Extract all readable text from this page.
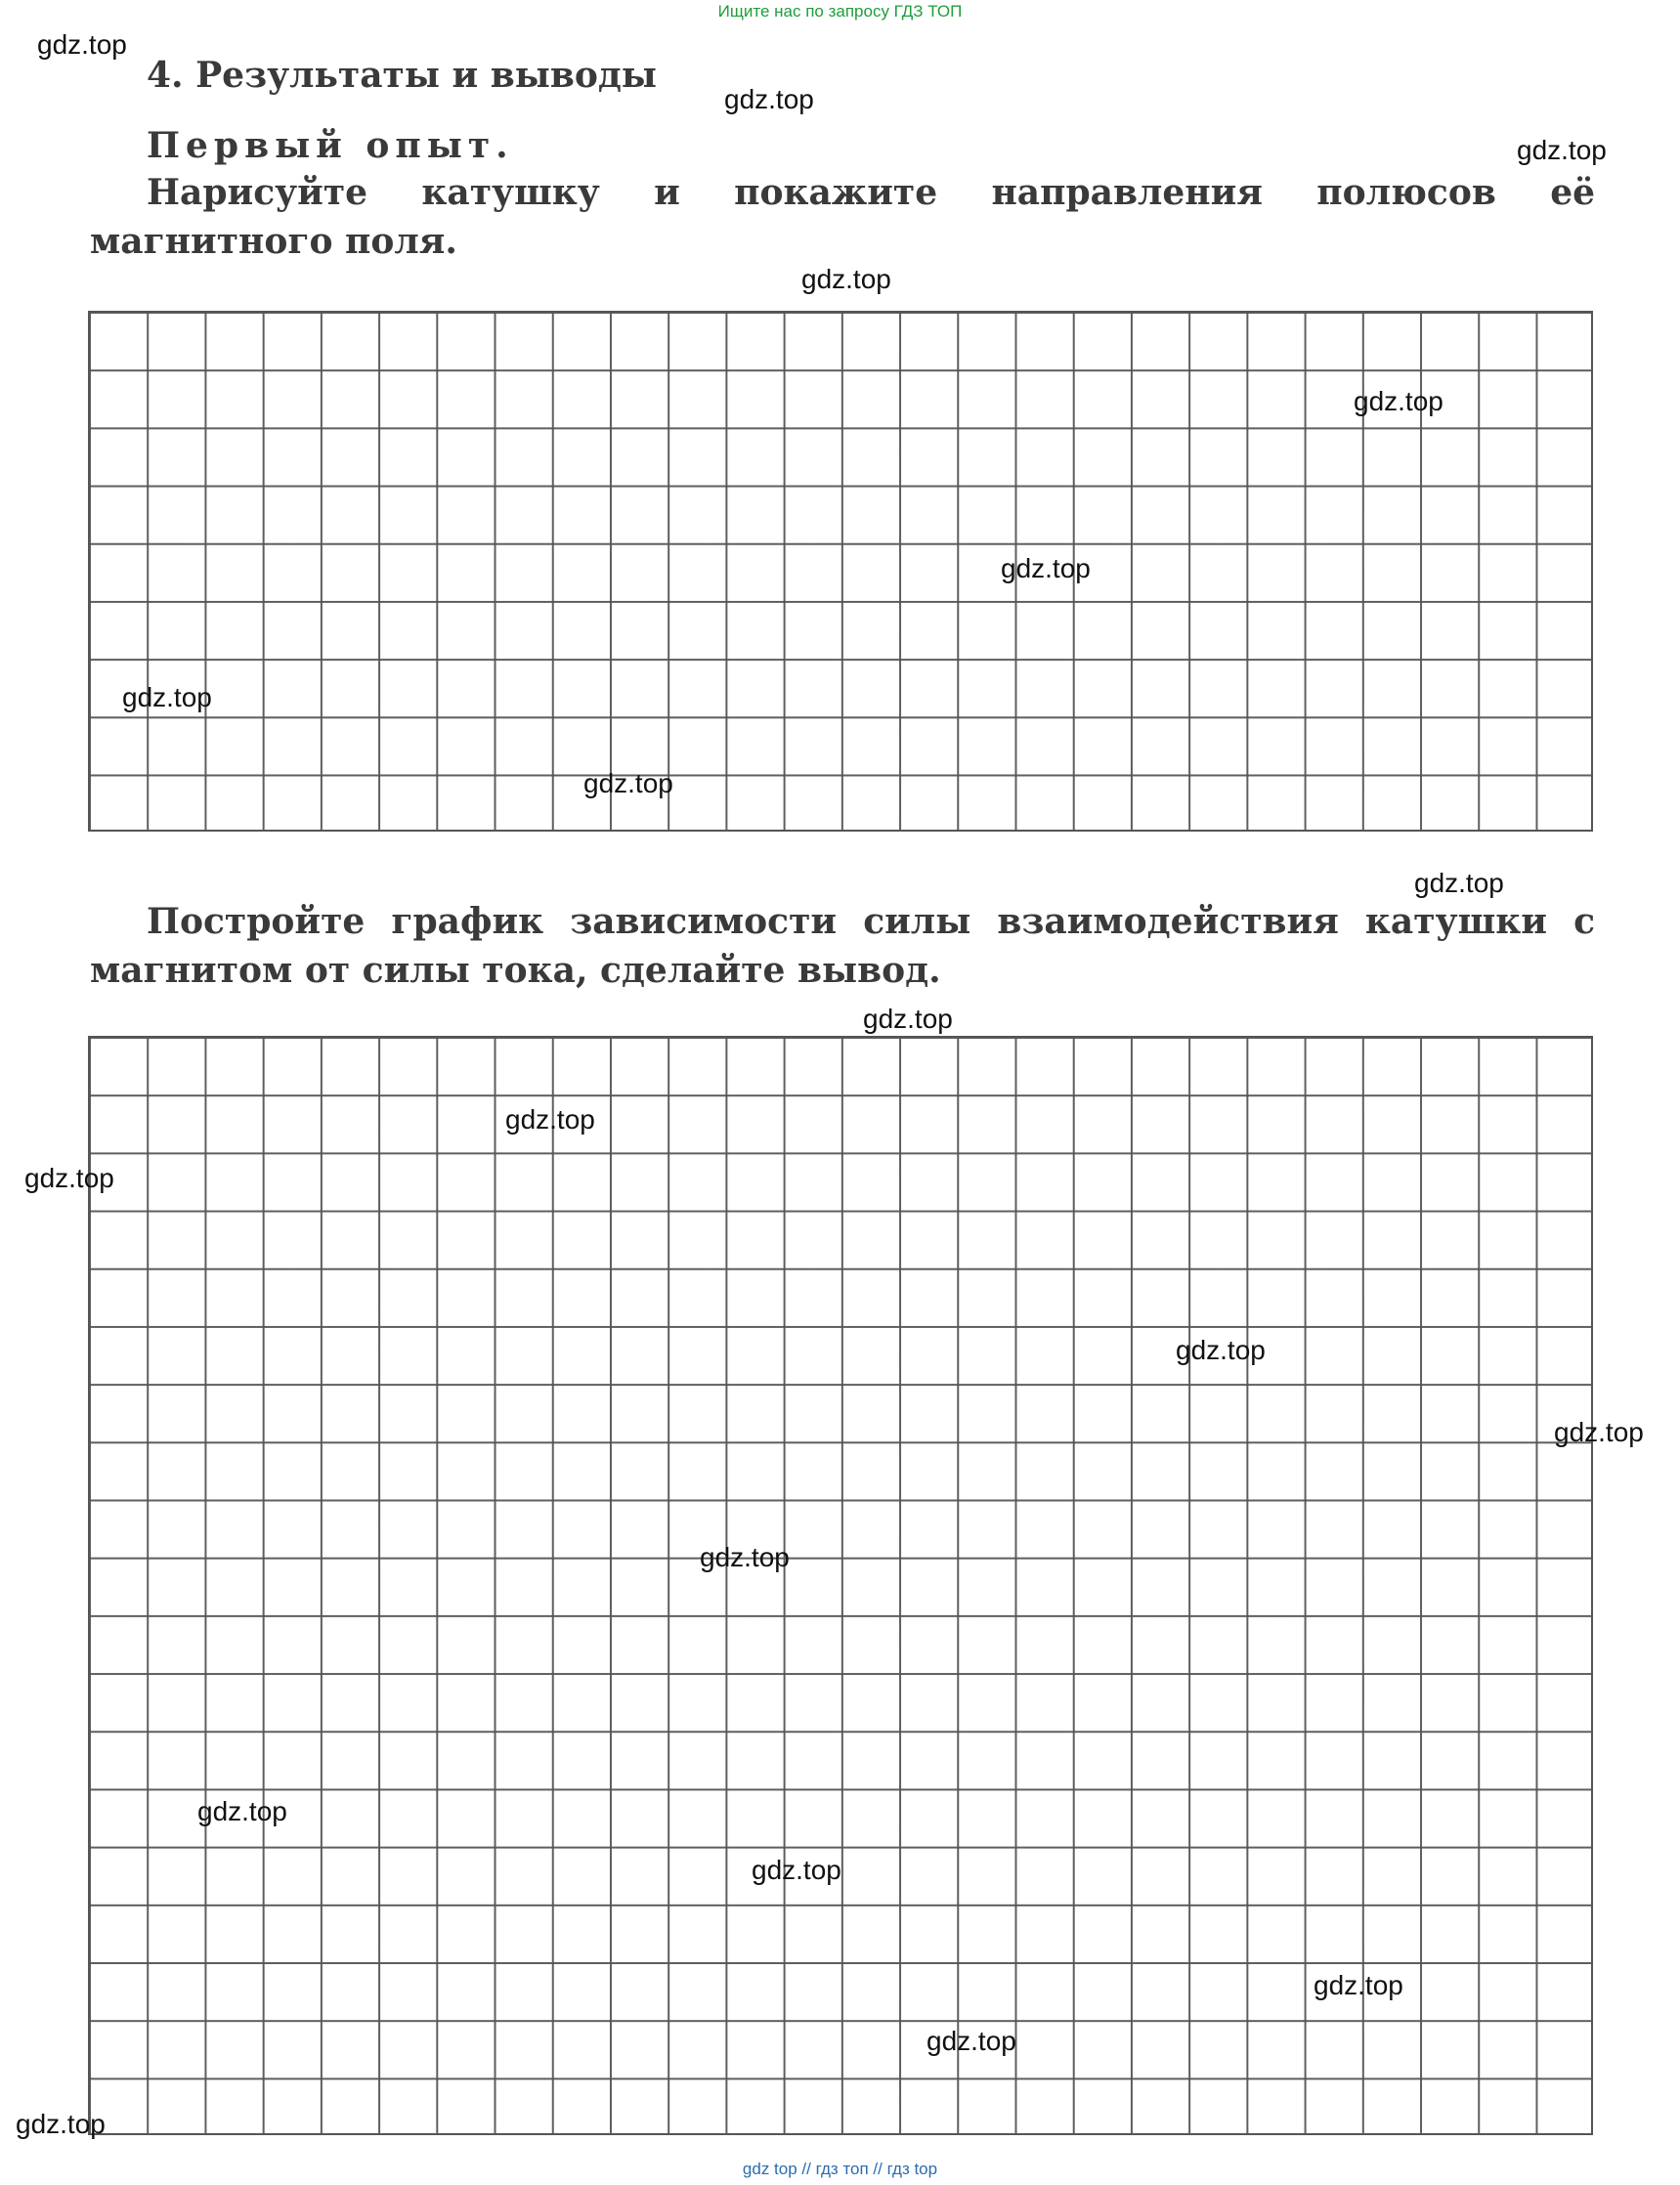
Ищите нас по запросу ГДЗ ТОП
4. Результаты и выводы
Первый опыт.
Нарисуйте катушку и покажите направления полюсов её магнитного поля.
Постройте график зависимости силы взаимодействия катушки с магнитом от силы тока, сделайте вывод.
gdz.top
gdz.top
gdz.top
gdz.top
gdz.top
gdz.top
gdz.top
gdz.top
gdz.top
gdz.top
gdz.top
gdz.top
gdz.top
gdz.top
gdz.top
gdz.top
gdz.top
gdz.top
gdz.top
gdz.top
gdz top // гдз топ // гдз top
